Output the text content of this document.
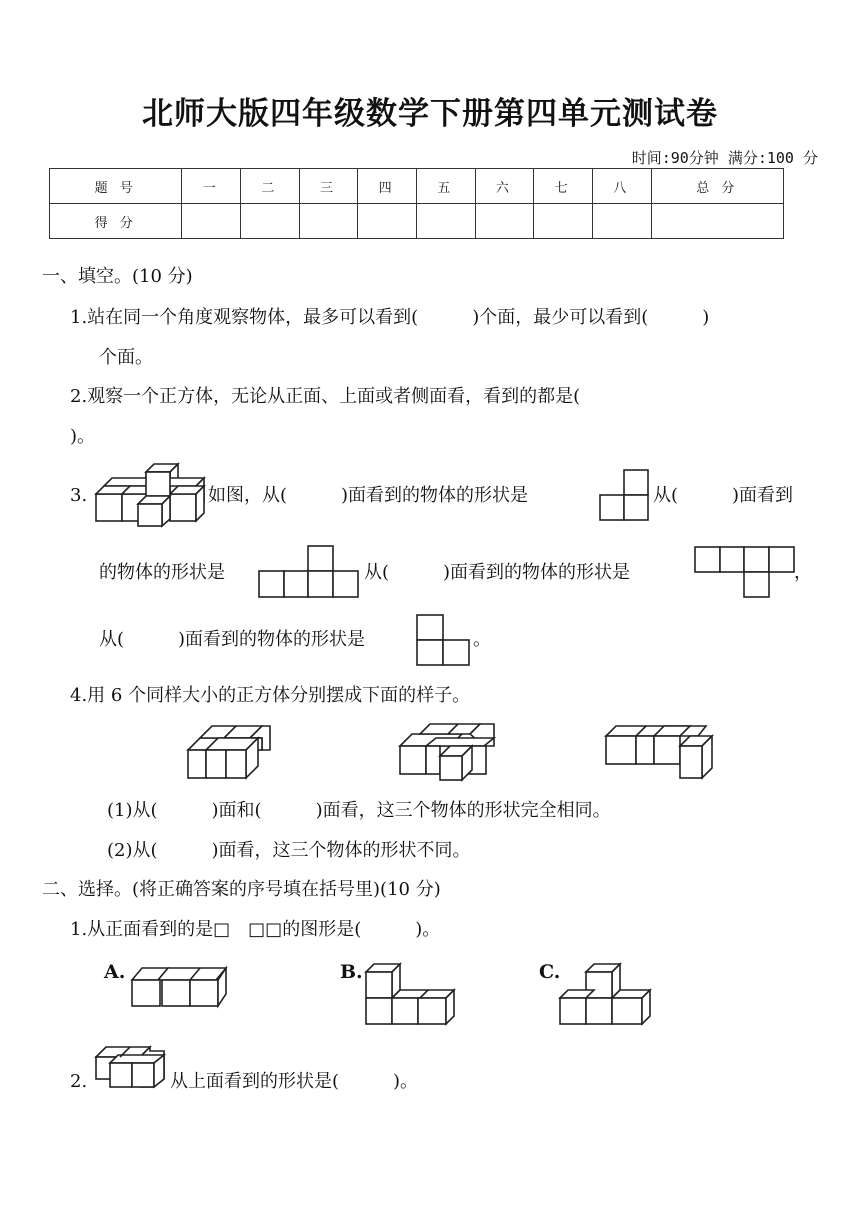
北师大版四年级数学下册第四单元测试卷
时间:90分钟 满分:100 分
题 号	一	二	三	四	五	六	七	八	总 分
得 分									
一、填空。(10 分)
1.站在同一个角度观察物体，最多可以看到(　　　)个面，最少可以看到(　　　)
个面。
2.观察一个正方体，无论从正面、上面或者侧面看，看到的都是(
)。
3.	如图，从(　　　)面看到的物体的形状是	从(　　　)面看到
的物体的形状是	从(　　　)面看到的物体的形状是	，
从(　　　)面看到的物体的形状是	。
4.用 6 个同样大小的正方体分别摆成下面的样子。
(1)从(　　　)面和(　　　)面看，这三个物体的形状完全相同。
(2)从(　　　)面看，这三个物体的形状不同。
二、选择。(将正确答案的序号填在括号里)(10 分)
1.从正面看到的是□　□□的图形是(　　　)。
A.	B.	C.
2.	从上面看到的形状是(　　　)。
